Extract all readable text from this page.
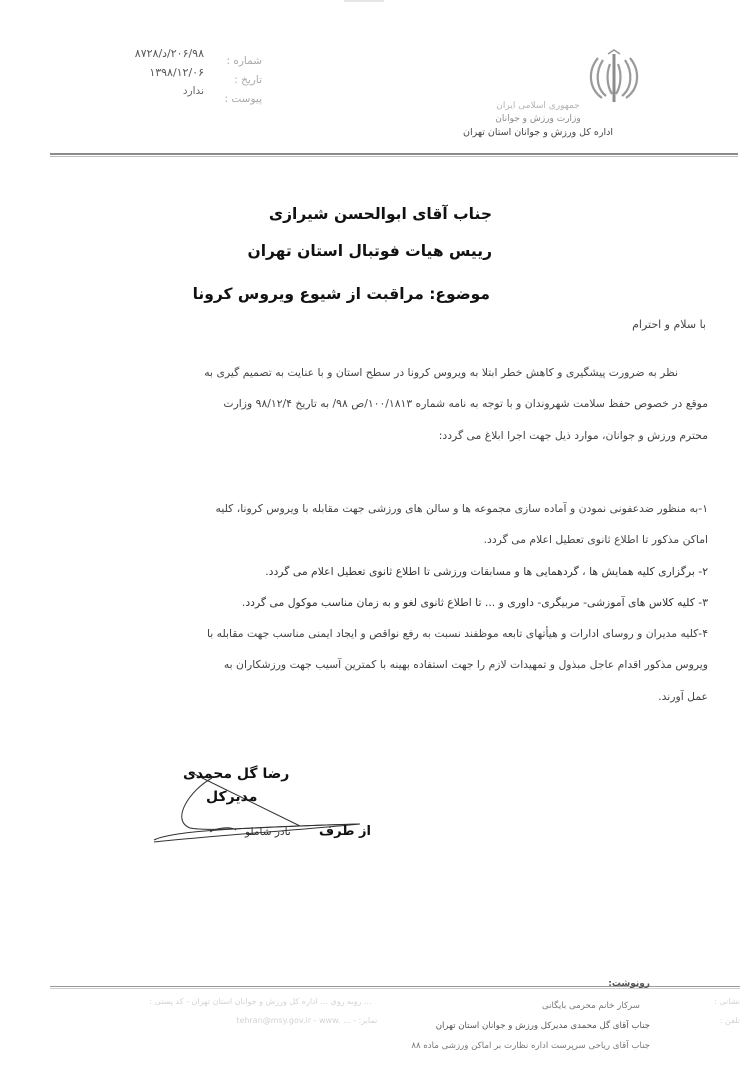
جمهوری اسلامی ایران
وزارت ورزش و جوانان
اداره کل ورزش و جوانان استان تهران
شماره :
تاریخ :
پیوست :
۲۰۶/۹۸/د/۸۷۲۸
۱۳۹۸/۱۲/۰۶
ندارد
جناب آقای ابوالحسن شیرازی
رییس هیات فوتبال استان تهران
موضوع: مراقبت از شیوع ویروس کرونا
با سلام و احترام

نظر به ضرورت پیشگیری و کاهش خطر ابتلا به ویروس کرونا در سطح استان و با عنایت به تصمیم گیری به

موقع در خصوص حفظ سلامت شهروندان و با توجه به نامه شماره ۱۰۰/۱۸۱۳/ص ۹۸/ به تاریخ ۹۸/۱۲/۴ وزارت

محترم ورزش و جوانان، موارد ذیل جهت اجرا ابلاغ می گردد:

۱-به منظور ضدعفونی نمودن و آماده سازی مجموعه ها و سالن های ورزشی جهت مقابله با ویروس کرونا، کلیه

اماکن مذکور تا اطلاع ثانوی تعطیل اعلام می گردد.

۲- برگزاری کلیه همایش ها ، گردهمایی ها و مسابقات ورزشی تا اطلاع ثانوی تعطیل اعلام می گردد.

۳- کلیه کلاس های آموزشی- مربیگری- داوری و ... تا اطلاع ثانوی لغو و به زمان مناسب موکول می گردد.

۴-کلیه مدیران و روسای ادارات و هیأتهای تابعه موظفند نسبت به رفع نواقص و ایجاد ایمنی مناسب جهت مقابله با

ویروس مذکور اقدام عاجل مبذول و تمهیدات لازم را جهت استفاده بهینه با کمترین آسیب جهت ورزشکاران به

عمل آورند.

رضا گل محمدی
مدیرکل
از طرف
نادر شاملو
رونوشت:
نشانی : ... روبه روی ... اداره کل ورزش و جوانان استان تهران - کد پستی :
تلفن : tehran@msy.gov.ir - www. ... - :نمابر
سرکار خانم محرمی بایگانی
جناب آقای گل محمدی مدیرکل ورزش و جوانان استان تهران
جناب آقای ریاحی سرپرست اداره نظارت بر اماکن ورزشی ماده ۸۸
